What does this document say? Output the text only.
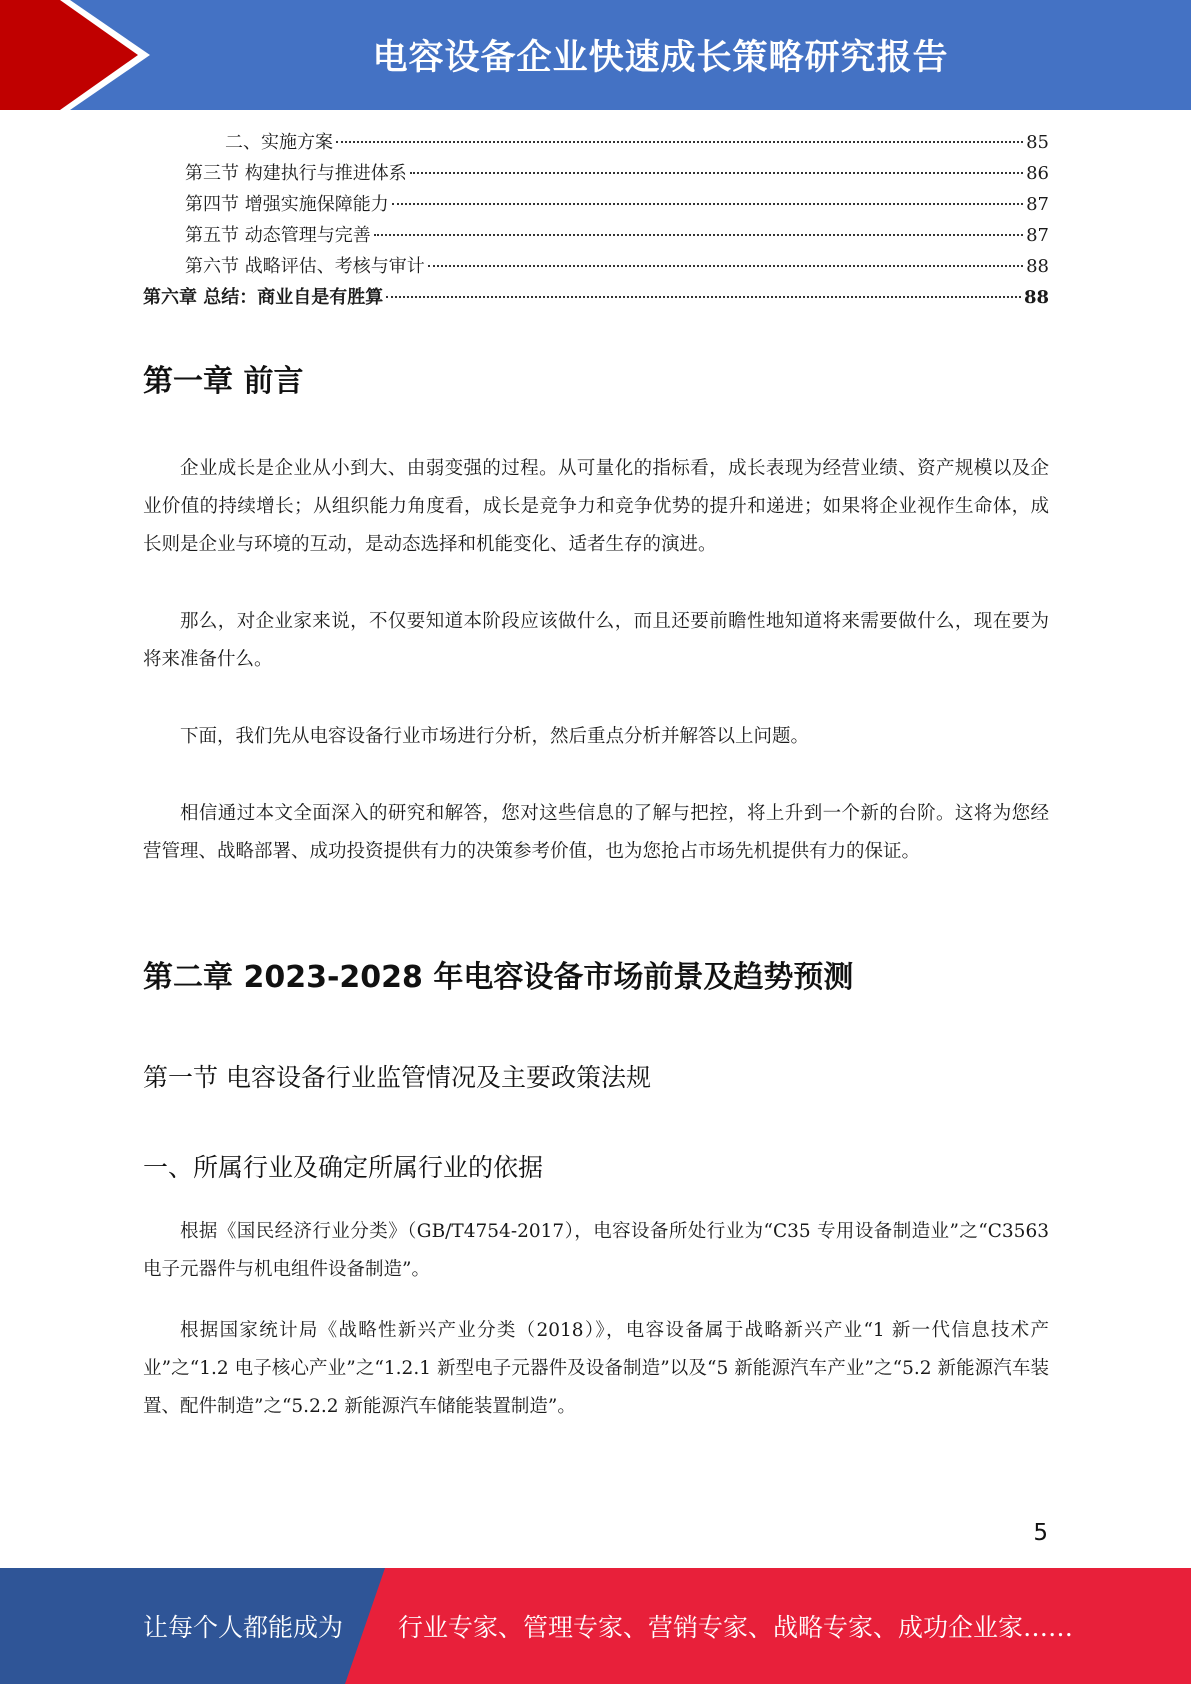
电容设备企业快速成长策略研究报告
二、实施方案	85
第三节 构建执行与推进体系	86
第四节 增强实施保障能力	87
第五节 动态管理与完善	87
第六节 战略评估、考核与审计	88
第六章 总结：商业自是有胜算	88
第一章 前言

企业成长是企业从小到大、由弱变强的过程。从可量化的指标看，成长表现为经营业绩、资产规模以及企业价值的持续增长；从组织能力角度看，成长是竞争力和竞争优势的提升和递进；如果将企业视作生命体，成长则是企业与环境的互动，是动态选择和机能变化、适者生存的演进。

那么，对企业家来说，不仅要知道本阶段应该做什么，而且还要前瞻性地知道将来需要做什么，现在要为将来准备什么。

下面，我们先从电容设备行业市场进行分析，然后重点分析并解答以上问题。

相信通过本文全面深入的研究和解答，您对这些信息的了解与把控，将上升到一个新的台阶。这将为您经营管理、战略部署、成功投资提供有力的决策参考价值，也为您抢占市场先机提供有力的保证。

第二章 2023-2028 年电容设备市场前景及趋势预测
第一节 电容设备行业监管情况及主要政策法规
一、所属行业及确定所属行业的依据

根据《国民经济行业分类》（GB/T4754-2017），电容设备所处行业为“C35 专用设备制造业”之“C3563 电子元器件与机电组件设备制造”。

根据国家统计局《战略性新兴产业分类（2018）》，电容设备属于战略新兴产业“1 新一代信息技术产业”之“1.2 电子核心产业”之“1.2.1 新型电子元器件及设备制造”以及“5 新能源汽车产业”之“5.2 新能源汽车装置、配件制造”之“5.2.2 新能源汽车储能装置制造”。

5
让每个人都能成为 行业专家、管理专家、营销专家、战略专家、成功企业家……
